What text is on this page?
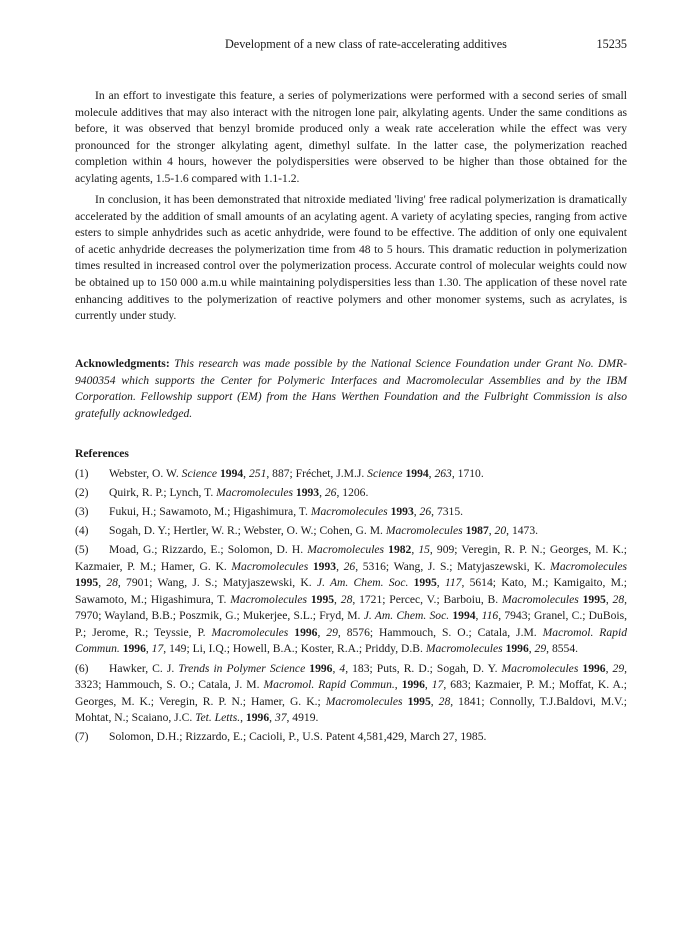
Development of a new class of rate-accelerating additives	15235

In an effort to investigate this feature, a series of polymerizations were performed with a second series of small molecule additives that may also interact with the nitrogen lone pair, alkylating agents. Under the same conditions as before, it was observed that benzyl bromide produced only a weak rate acceleration while the effect was very pronounced for the stronger alkylating agent, dimethyl sulfate. In the latter case, the polymerization reached completion within 4 hours, however the polydispersities were observed to be higher than those obtained for the acylating agents, 1.5-1.6 compared with 1.1-1.2.

In conclusion, it has been demonstrated that nitroxide mediated 'living' free radical polymerization is dramatically accelerated by the addition of small amounts of an acylating agent. A variety of acylating species, ranging from active esters to simple anhydrides such as acetic anhydride, were found to be effective. The addition of only one equivalent of acetic anhydride decreases the polymerization time from 48 to 5 hours. This dramatic reduction in polymerization times resulted in increased control over the polymerization process. Accurate control of molecular weights could now be obtained up to 150 000 a.m.u while maintaining polydispersities less than 1.30. The application of these novel rate enhancing additives to the polymerization of reactive polymers and other monomer systems, such as acrylates, is currently under study.

Acknowledgments: This research was made possible by the National Science Foundation under Grant No. DMR-9400354 which supports the Center for Polymeric Interfaces and Macromolecular Assemblies and by the IBM Corporation. Fellowship support (EM) from the Hans Werthen Foundation and the Fulbright Commission is also gratefully acknowledged.
References
(1) Webster, O. W. Science 1994, 251, 887; Fréchet, J.M.J. Science 1994, 263, 1710.
(2) Quirk, R. P.; Lynch, T. Macromolecules 1993, 26, 1206.
(3) Fukui, H.; Sawamoto, M.; Higashimura, T. Macromolecules 1993, 26, 7315.
(4) Sogah, D. Y.; Hertler, W. R.; Webster, O. W.; Cohen, G. M. Macromolecules 1987, 20, 1473.
(5) Moad, G.; Rizzardo, E.; Solomon, D. H. Macromolecules 1982, 15, 909; Veregin, R. P. N.; Georges, M. K.; Kazmaier, P. M.; Hamer, G. K. Macromolecules 1993, 26, 5316; Wang, J. S.; Matyjaszewski, K. Macromolecules 1995, 28, 7901; Wang, J. S.; Matyjaszewski, K. J. Am. Chem. Soc. 1995, 117, 5614; Kato, M.; Kamigaito, M.; Sawamoto, M.; Higashimura, T. Macromolecules 1995, 28, 1721; Percec, V.; Barboiu, B. Macromolecules 1995, 28, 7970; Wayland, B.B.; Poszmik, G.; Mukerjee, S.L.; Fryd, M. J. Am. Chem. Soc. 1994, 116, 7943; Granel, C.; DuBois, P.; Jerome, R.; Teyssie, P. Macromolecules 1996, 29, 8576; Hammouch, S. O.; Catala, J.M. Macromol. Rapid Commun. 1996, 17, 149; Li, I.Q.; Howell, B.A.; Koster, R.A.; Priddy, D.B. Macromolecules 1996, 29, 8554.
(6) Hawker, C. J. Trends in Polymer Science 1996, 4, 183; Puts, R. D.; Sogah, D. Y. Macromolecules 1996, 29, 3323; Hammouch, S. O.; Catala, J. M. Macromol. Rapid Commun., 1996, 17, 683; Kazmaier, P. M.; Moffat, K. A.; Georges, M. K.; Veregin, R. P. N.; Hamer, G. K.; Macromolecules 1995, 28, 1841; Connolly, T.J.Baldovi, M.V.; Mohtat, N.; Scaiano, J.C. Tet. Letts., 1996, 37, 4919.
(7) Solomon, D.H.; Rizzardo, E.; Cacioli, P., U.S. Patent 4,581,429, March 27, 1985.
